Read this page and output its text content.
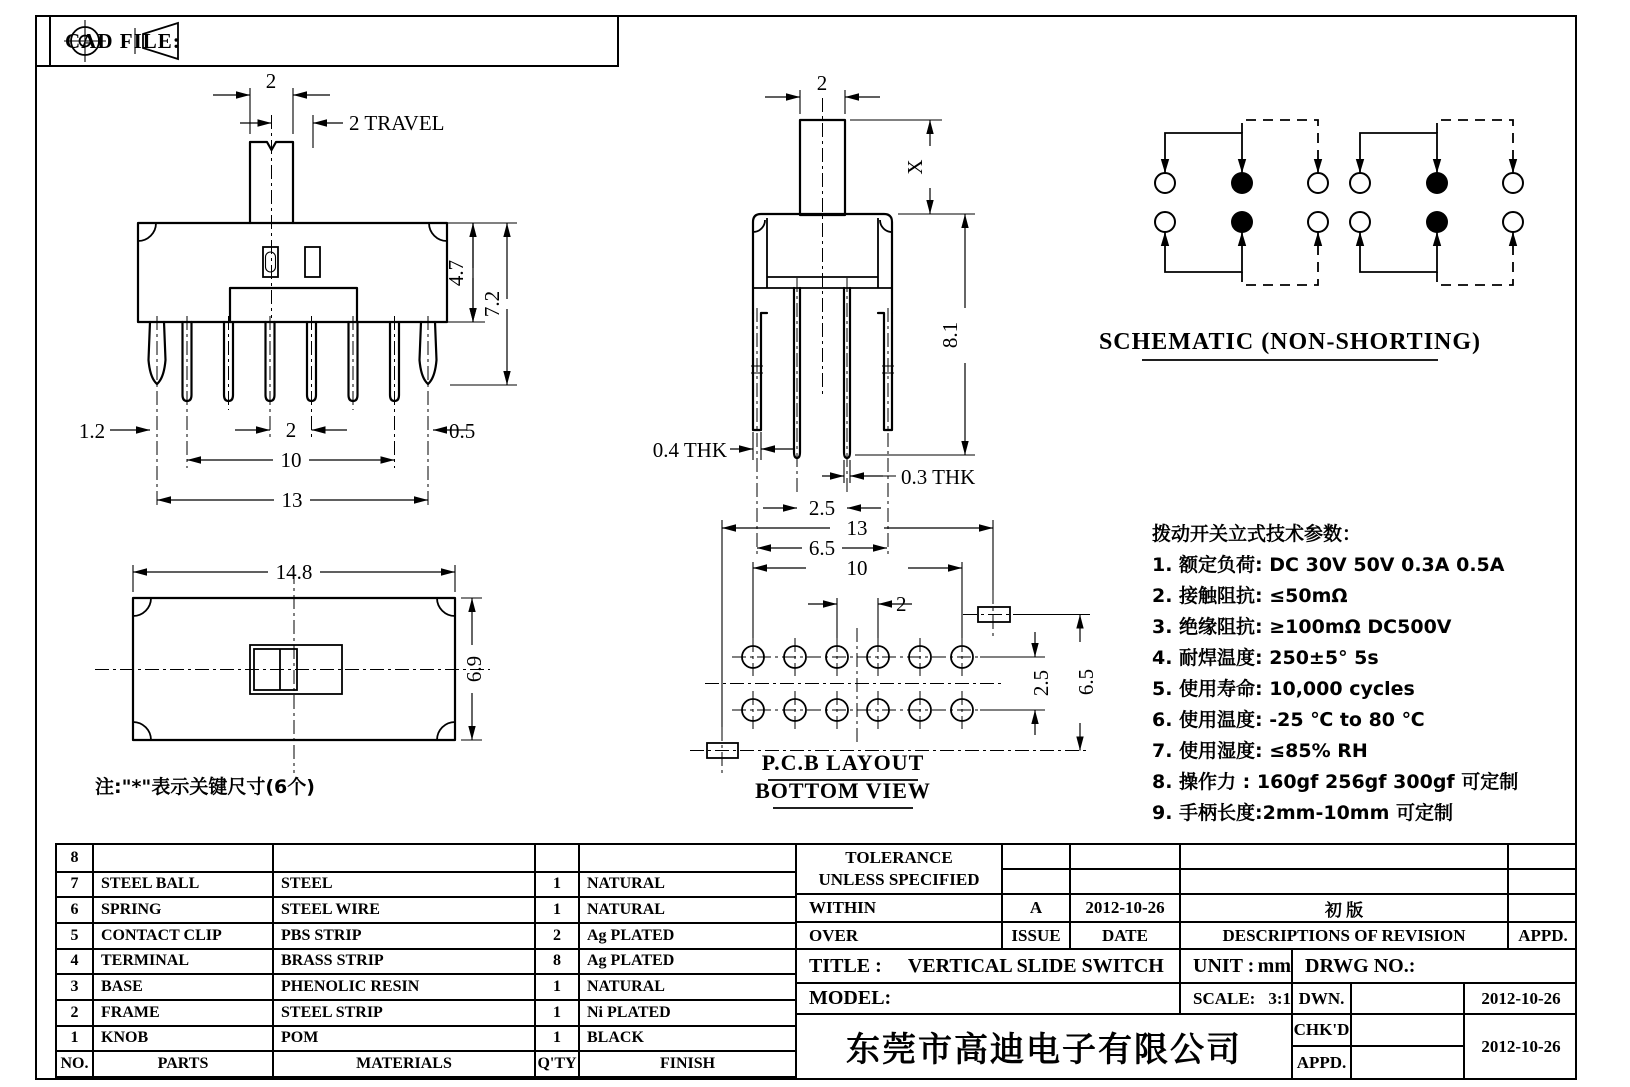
CAD FILE:
2
2 TRAVEL
4.7
7.2
1.2	2	0.5
10
13
2
X
8.1
0.4 THK
0.3 THK
2.5
6.5
SCHEMATIC (NON-SHORTING)
14.8
6.9
13
10
2
2.5 6.5
P.C.B LAYOUT
BOTTOM VIEW
拨动开关立式技术参数：
1. 额定负荷: DC 30V 50V 0.3A 0.5A
2. 接触阻抗: ≤50mΩ
3. 绝缘阻抗: ≥100mΩ DC500V
4. 耐焊温度: 250±5° 5s
5. 使用寿命: 10,000 cycles
6. 使用温度: -25 ℃ to 80 ℃
7. 使用湿度: ≤85% RH
8. 操作力 : 160gf 256gf 300gf 可定制
9. 手柄长度:2mm-10mm 可定制
注:"*"表示关键尺寸(6个)
8
7	STEEL BALL	STEEL	1	NATURAL
6	SPRING	STEEL WIRE	1	NATURAL
5	CONTACT CLIP	PBS STRIP	2	Ag PLATED
4	TERMINAL	BRASS STRIP	8	Ag PLATED
3	BASE	PHENOLIC RESIN	1	NATURAL
2	FRAME	STEEL STRIP	1	Ni PLATED
1	KNOB	POM	1	BLACK
NO.	PARTS	MATERIALS	Q'TY	FINISH
TOLERANCE
UNLESS SPECIFIED
WITHIN	A	2012-10-26	初 版
OVER	ISSUE	DATE	DESCRIPTIONS OF REVISION	APPD.
TITLE : VERTICAL SLIDE SWITCH UNIT : mm DRWG NO.:
MODEL:	SCALE: 3:1 DWN.	2012-10-26
东莞市高迪电子有限公司
CHK'D
APPD.
2012-10-26
